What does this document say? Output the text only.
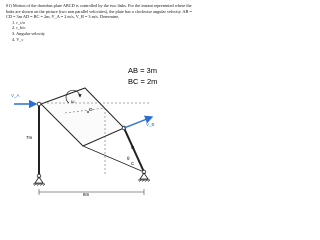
01) Motion of the rhombus plate ABCD is controlled by the two links. For the instant represented where the links are shown on the picture (two non parallel velocities), the plate has a clockwise angular velocity. AB = CD = 3m AD = BC = 2m, V_A = 2 m/s, V_B = 3 m/s. Determine,

1. r_c/o
2. r_b/o
3. Angular velocity
4. V_c
V_A
V_B
ω
O
7m
θ
C
G
8m
AB = 3m
BC = 2m
